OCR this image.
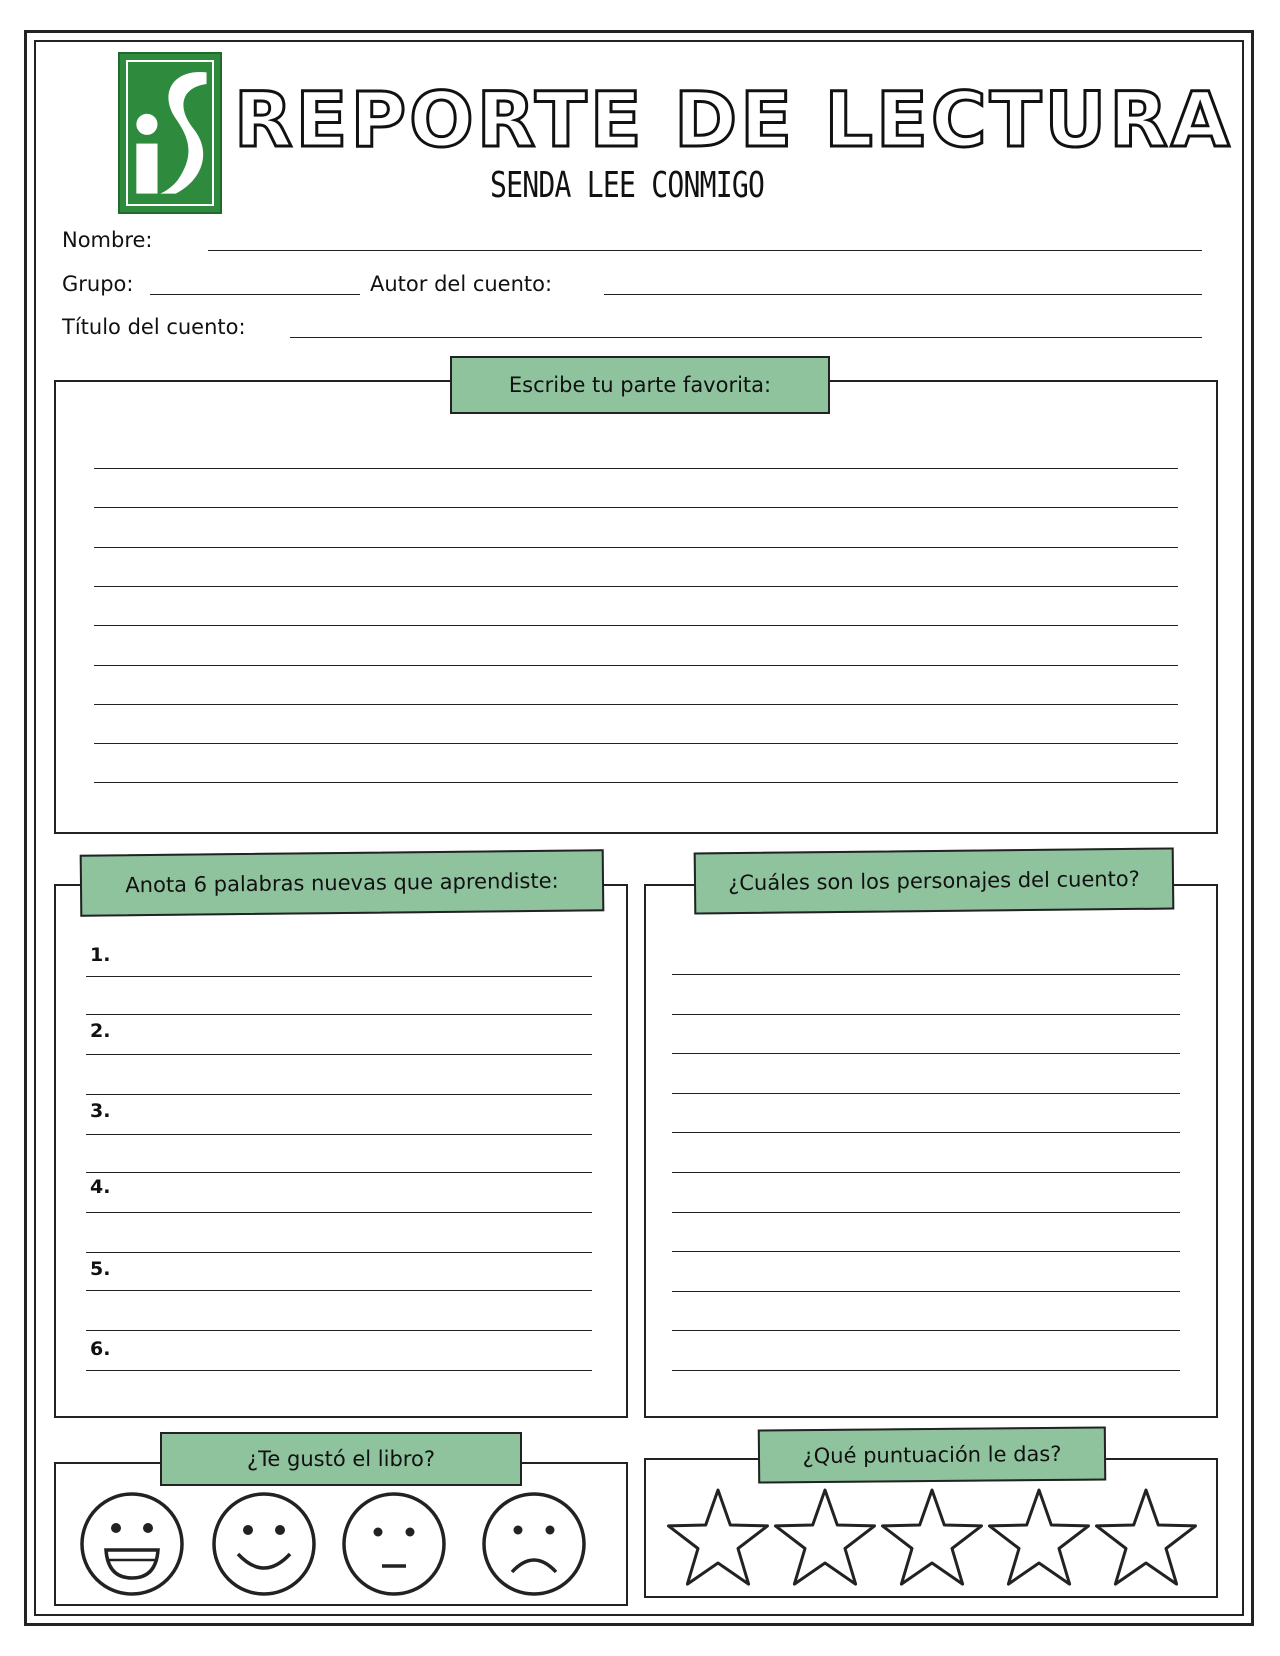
REPORTE DE LECTURA
SENDA LEE CONMIGO
Nombre:
Grupo:	Autor del cuento:
Título del cuento:
Escribe tu parte favorita:
Anota 6 palabras nuevas que aprendiste:
1.
2.
3.
4.
5.
6.
¿Cuáles son los personajes del cuento?
¿Te gustó el libro?	¿Qué puntuación le das?
